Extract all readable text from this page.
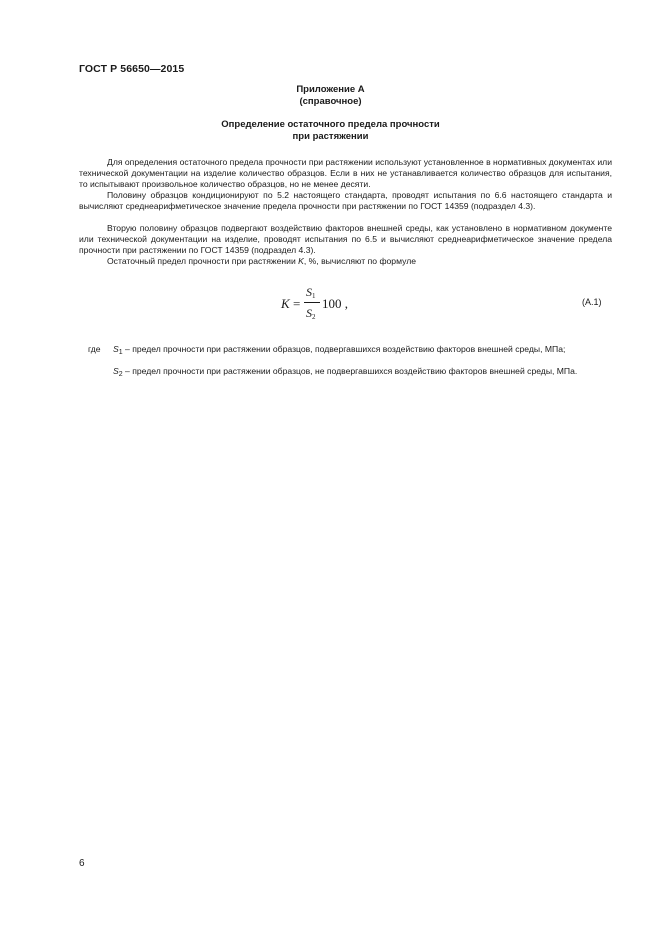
ГОСТ Р 56650—2015
Приложение А
(справочное)
Определение остаточного предела прочности
при растяжении

Для определения остаточного предела прочности при растяжении используют установленное в нормативных документах или технической документации на изделие количество образцов. Если в них не устанавливается количество образцов для испытания, то испытывают произвольное количество образцов, но не менее десяти.

Половину образцов кондиционируют по 5.2 настоящего стандарта, проводят испытания по 6.6 настоящего стандарта и вычисляют среднеарифметическое значение предела прочности при растяжении по ГОСТ 14359 (подраздел 4.3).

Вторую половину образцов подвергают воздействию факторов внешней среды, как установлено в нормативном документе или технической документации на изделие, проводят испытания по 6.5 и вычисляют среднеарифметическое значение предела прочности при растяжении по ГОСТ 14359 (подраздел 4.3).

Остаточный предел прочности при растяжении K, %, вычисляют по формуле

K =
$S_1$
$S_2$
100 ,	(А.1)
где $S_1$ – предел прочности при растяжении образцов, подвергавшихся воздействию факторов внешней среды, МПа;

$S_2$ – предел прочности при растяжении образцов, не подвергавшихся воздействию факторов внешней среды, МПа.

6
